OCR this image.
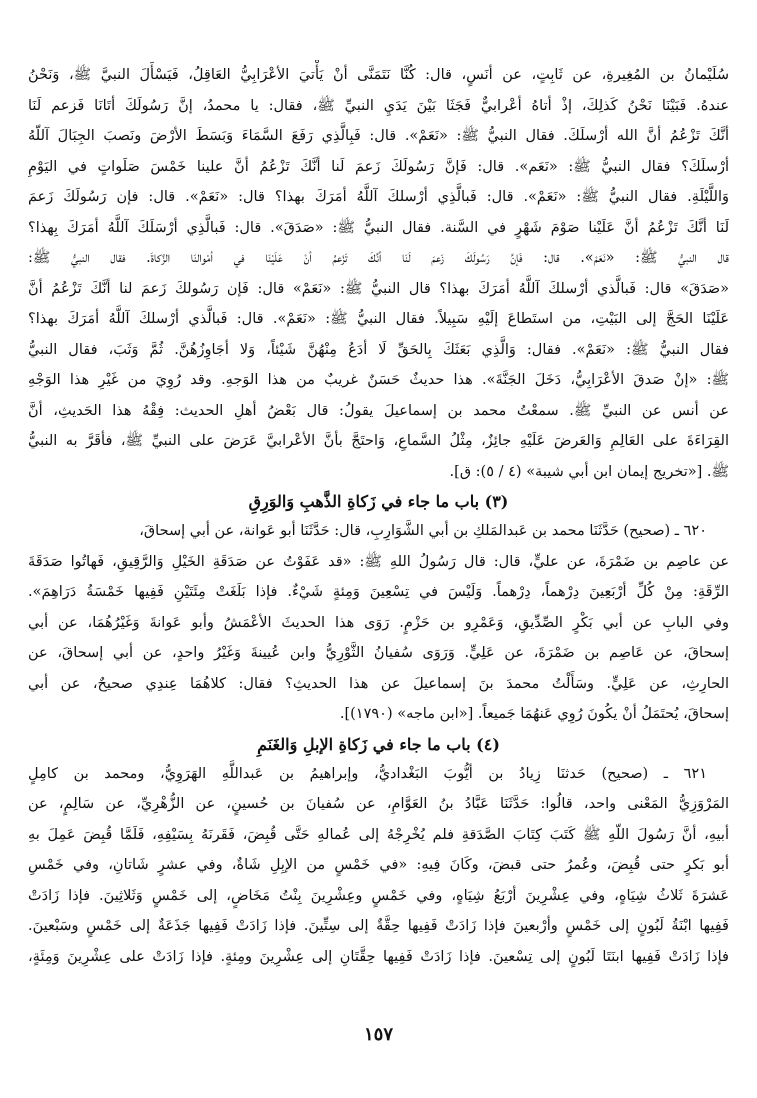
سُلَيْمانُ بن المُغِيرةِ، عن ثَابِتٍ، عن أنَسٍ، قال: كُنَّا نَتَمَنَّى أنْ يَأْتيَ الأعْرَابِيُّ العَاقِلُ، فَيَسْأَلَ النبيَّ ﷺ، وَنَحْنُ
عندهُ. فَبَيْنَا نَحْنُ كَذلِكَ، إذْ أتاهُ أعْرابيٌّ فَجَثَا بَيْنَ يَدَيِ النبيِّ ﷺ، فقال: يا محمدُ، إنَّ رَسُولَكَ أتَانَا فَزعم لَنَا
أنَّكَ تَزْعُمُ أنَّ الله أرْسلَكَ. فقال النبيُّ ﷺ: «نَعَمْ». قال: فَبِالَّذِي رَفَعَ السَّمَاءَ وَبَسَطَ الأرْضَ ونَصبَ الجِبَالَ آللّهُ
أرْسلَكَ؟ فقال النبيُّ ﷺ: «نَعَم». قال: فَإنَّ رَسُولَكَ زَعمَ لَنا أنَّكَ تَزْعُمُ أنَّ علينا خَمْسَ صَلَواتٍ في اليَوْمِ
وَاللَّيْلَةِ. فقال النبيُّ ﷺ: «نَعَمْ». قال: فَبالَّذِي أرْسلكَ آللَّهُ أمَرَكَ بهذا؟ قال: «نَعَمْ». قال: فإن رَسُولَكَ زَعمَ
لَنَا أنَّكَ تَزْعُمُ أنَّ عَلَيْنا صَوْمَ شَهْرٍ في السَّنة. فقال النبيُّ ﷺ: «صَدَقَ». قال: فَبالَّذِي أرْسَلَكَ آللَّهُ أمَرَكَ بِهذا؟
قال النبيُّ ﷺ: «نَعَمْ». قال: فَإنَّ رَسُولَكَ زَعمَ لَنَا أنَّكَ تَزْعمُ أنْ عَلَيْنَا في أمْوالنَا الزَّكاةَ. فقال النبيُّ ﷺ:
«صَدَقَ» قال: فَبالَّذي أرْسلكَ آللَّهُ أمَرَكَ بهذا؟ قال النبيُّ ﷺ: «نَعَمْ» قال: فَإن رَسُولكَ زَعمَ لنا أنَّكَ تَزْعُمُ أنَّ
عَلَيْنَا الحَجَّ إلى البَيْتِ، من استَطاعَ إلَيْهِ سَبِيلاً. فقال النبيُّ ﷺ: «نَعَمْ». قال: فَبالَّذي أرْسلكَ آللَّهُ أمَرَكَ بهذا؟
فقال النبيُّ ﷺ: «نَعَمْ». فقال: وَالَّذِي بَعَثَكَ بِالحَقِّ لَا أدَعُ مِنْهُنَّ شَيْئاً، وَلا أجَاوِزُهُنَّ. ثُمَّ وَثَبَ، فقال النبيُّ
ﷺ: «إنْ صَدقَ الأعْرَابِيُّ، دَخَلَ الجَنَّةَ». هذا حديثٌ حَسَنٌ غريبٌ من هذا الوَجهِ. وقد رُوِيَ من غَيْرِ هذا الوَجْهِ
عن أنس عن النبيِّ ﷺ. سمعْتُ محمد بن إسماعيلَ يقولُ: قال بَعْضُ أهلِ الحديث: فِقْهُ هذا الحَديثِ، أنَّ
القِرَاءَةَ على العَالِمِ وَالعَرضَ عَلَيْهِ جائِزٌ، مِثْلُ السَّماعِ، وَاحتَجَّ بأنَّ الأعْرابيَّ عَرَضَ على النبيِّ ﷺ، فأقَرَّ به النبيُّ
ﷺ. [«تخريج إيمان ابن أبي شيبة» (٤ / ٥): ق].
(٣) باب ما جاء في زَكاةِ الذَّهبِ وَالوَرِقِ
٦٢٠ ـ (صحيح) حَدَّثَنَا محمد بن عَبدالمَلكِ بن أبي الشَّوَارِبِ، قال: حَدَّثَنَا أبو عَوانة، عن أبي إسحاقَ،
عن عاصِم بن ضَمْرَةَ، عن عليٍّ، قال: قال رَسُولُ اللهِ ﷺ: «قد عَفَوْتُ عن صَدَقَةِ الخَيْلِ وَالرَّقِيقِ، فَهاتُوا صَدَقَةَ
الرِّقَةِ: مِنْ كُلِّ أرْبَعِينَ دِرْهماً، دِرْهماً. وَلَيْسَ في تِسْعِينَ وَمِئةٍ شَيْءٌ. فإذا بَلَغَتْ مِئَتَيْنِ فَفِيها خَمْسَةُ دَرَاهِمَ».
وفي البابِ عن أبي بَكْرٍ الصِّدِّيقِ، وَعَمْرِو بن حَزْمٍ. رَوَى هذا الحديثَ الأعْمَشُ وأبو عَوانةَ وَغَيْرُهُمَا، عن أبي
إسحاقَ، عن عَاصِم بن ضَمْرَةَ، عن عَلِيٍّ. وَرَوَى سُفيانُ الثَّوْرِيُّ وابن عُيينةَ وَغَيْرُ واحدٍ، عن أبي إسحاقَ، عن
الحارِثِ، عن عَلِيٍّ. وسَأَلْتُ محمدَ بنَ إسماعيلَ عن هذا الحديثِ؟ فقال: كلاهُمَا عِندِي صحيحٌ، عن أبي
إسحاقَ، يُحتَمَلُ أنْ يكُونَ رُوِي عَنهُمَا جَميعاً. [«ابن ماجه» (١٧٩٠)].
(٤) باب ما جاء في زَكاةِ الإبلِ وَالغَنَمِ
٦٢١ ـ (صحيح) حَدثنَا زِيادُ بن أيُّوبَ البَغْداديُّ، وإبراهيمُ بن عَبداللَّهِ الهَرَوِيُّ، ومحمد بن كامِلٍ
المَرْوَزِيُّ المَعْنى واحد، قالُوا: حَدَّثَنَا عَبَّادُ بنُ العَوَّامِ، عن سُفيانَ بن حُسينٍ، عن الزُّهْرِيِّ، عن سَالِمٍ، عن
أبيهِ، أنَّ رَسُولَ اللّهِ ﷺ كَتَبَ كِتَابَ الصَّدَقةِ فلم يُخْرِجْهُ إلى عُمالهِ حَتَّى قُبِضَ، فَقَرنَهُ بِسَيْفِهِ، فَلَمَّا قُبِضَ عَمِلَ بهِ
أبو بَكرٍ حتى قُبِضَ، وعُمرُ حتى قبضَ، وكَانَ فِيهِ: «في خَمْسٍ من الإبِلِ شَاةٌ، وفي عشرٍ شَاتانِ، وفي خَمْسِ
عَشرَةَ ثَلاثُ شِيَاهٍ، وفي عِشْرِينَ أرْبَعُ شِيَاهٍ، وفي خَمْسٍ وعِشْرِينَ بِنْتُ مَخَاضٍ، إلى خَمْسٍ وَثَلاثِينَ. فإذا زَادَتْ
فَفِيها ابْنَةُ لَبُونٍ إلى خَمْسٍ وأرْبعينَ فإذا زَادَتْ فَفِيها حِقَّةٌ إلى سِتِّينَ. فإذا زَادَتْ فَفِيها جَذَعَةٌ إلى خَمْسٍ وسَبْعينَ.
فإذا زَادَتْ فَفِيها ابنَتَا لَبُونٍ إلى تِسْعينَ. فإذا زَادَتْ فَفِيها حِقَّتَانِ إلى عِشْرِينَ ومِئةٍ. فإذا زَادَتْ على عِشْرِينَ وَمِئَةٍ،
١٥٧
